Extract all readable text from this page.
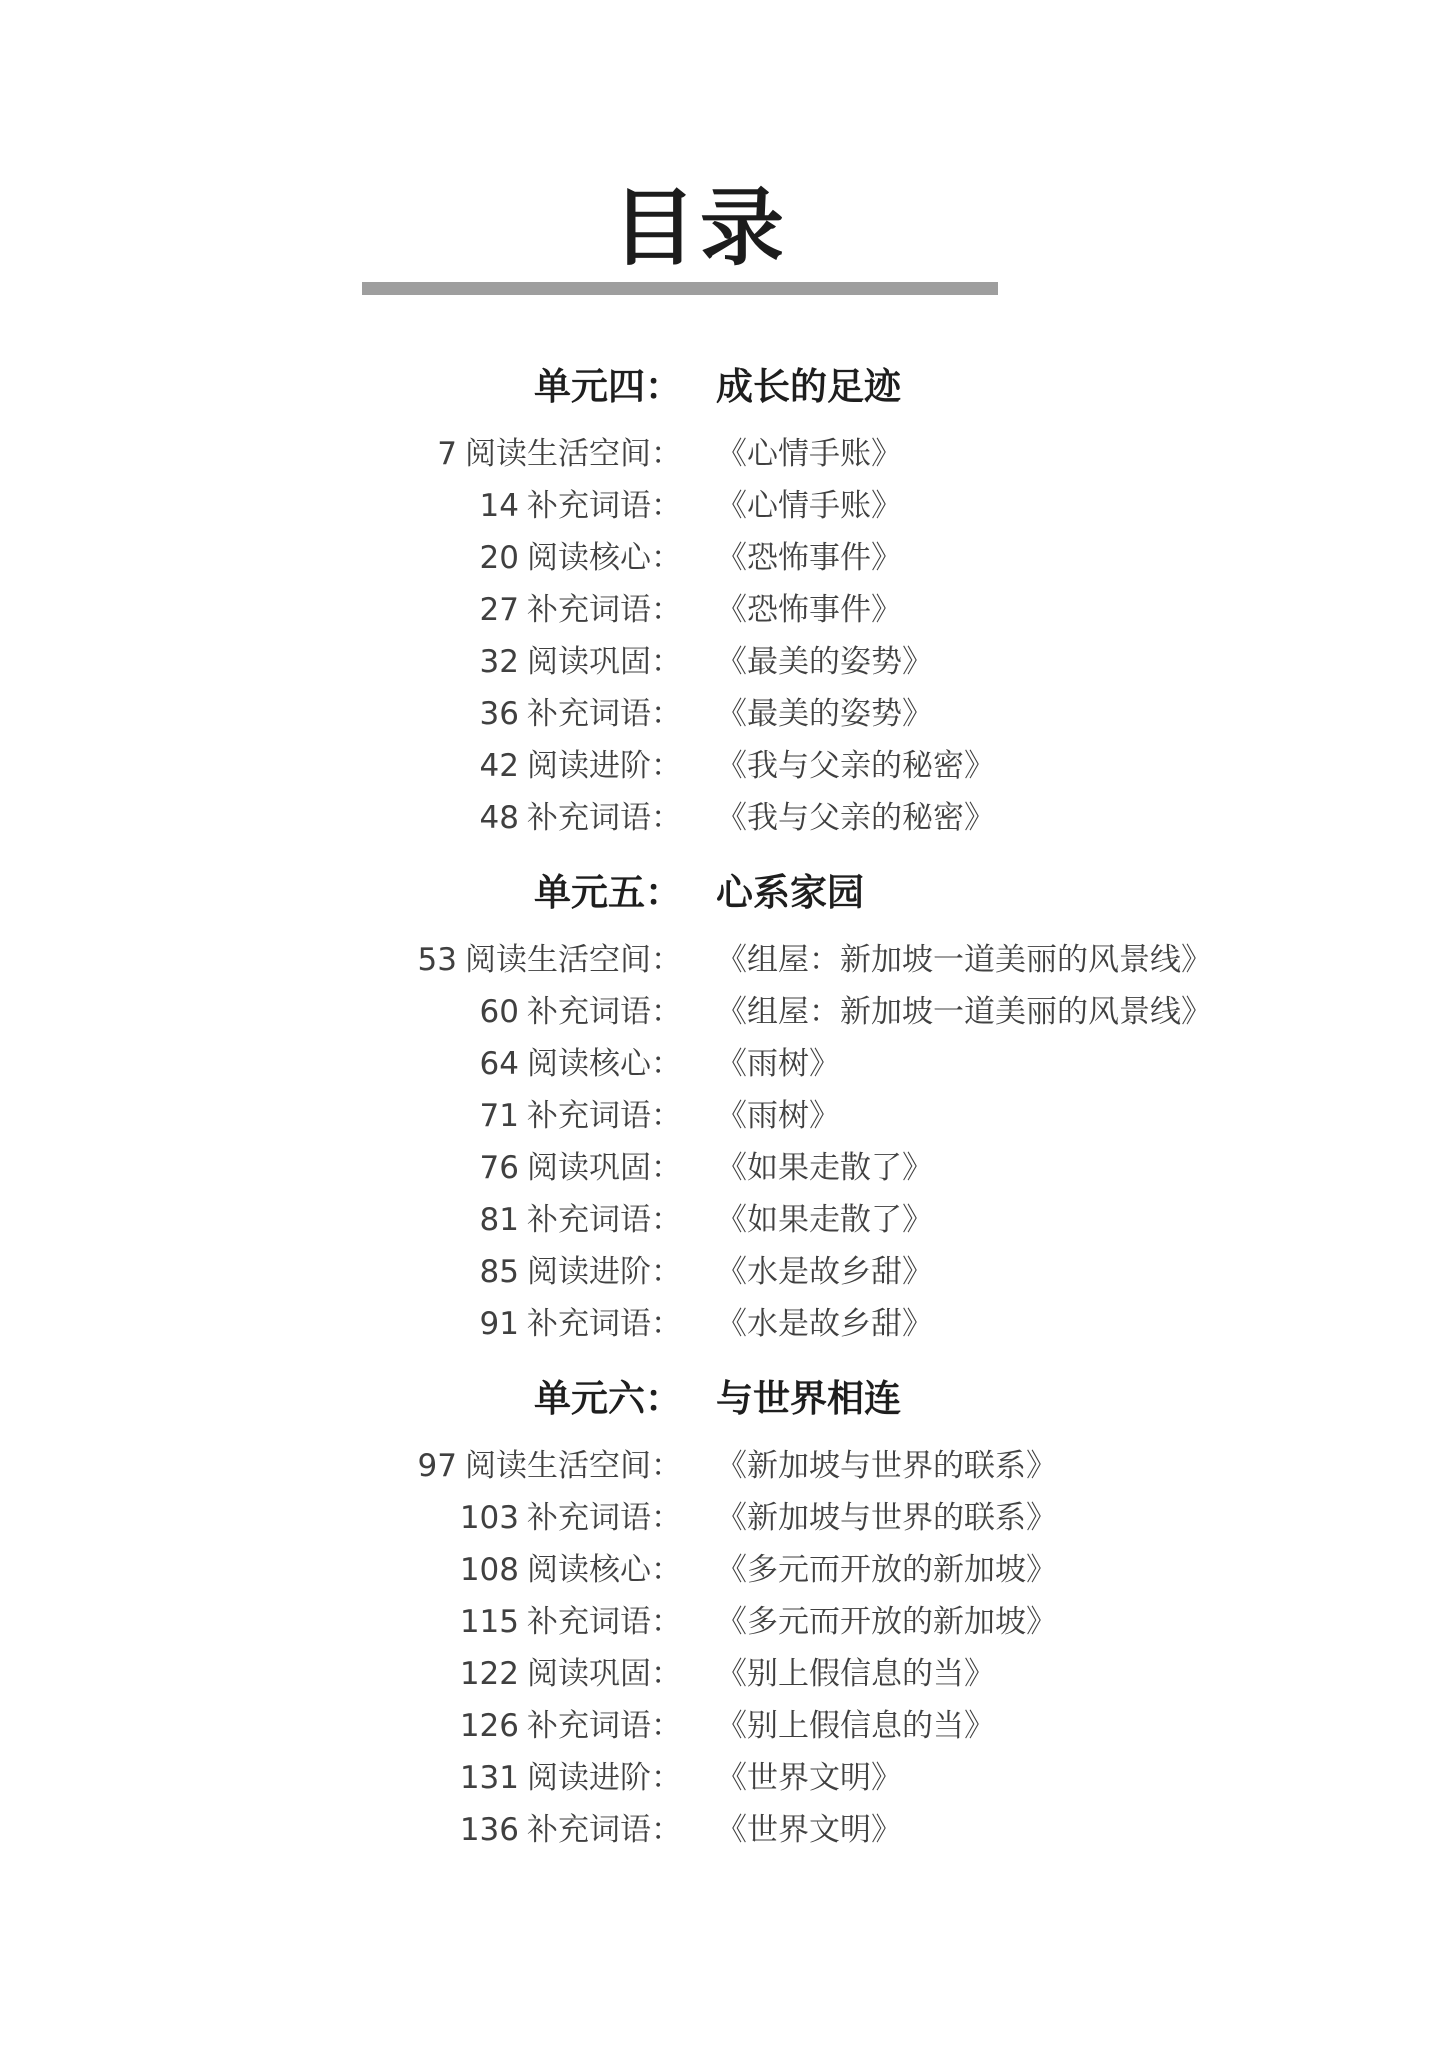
目录
单元四： 成长的足迹
7 阅读生活空间： 《心情手账》
14 补充词语： 《心情手账》
20 阅读核心： 《恐怖事件》
27 补充词语： 《恐怖事件》
32 阅读巩固： 《最美的姿势》
36 补充词语： 《最美的姿势》
42 阅读进阶： 《我与父亲的秘密》
48 补充词语： 《我与父亲的秘密》
单元五： 心系家园
53 阅读生活空间： 《组屋：新加坡一道美丽的风景线》
60 补充词语： 《组屋：新加坡一道美丽的风景线》
64 阅读核心： 《雨树》
71 补充词语： 《雨树》
76 阅读巩固： 《如果走散了》
81 补充词语： 《如果走散了》
85 阅读进阶： 《水是故乡甜》
91 补充词语： 《水是故乡甜》
单元六： 与世界相连
97 阅读生活空间： 《新加坡与世界的联系》
103 补充词语： 《新加坡与世界的联系》
108 阅读核心： 《多元而开放的新加坡》
115 补充词语： 《多元而开放的新加坡》
122 阅读巩固： 《别上假信息的当》
126 补充词语： 《别上假信息的当》
131 阅读进阶： 《世界文明》
136 补充词语： 《世界文明》
